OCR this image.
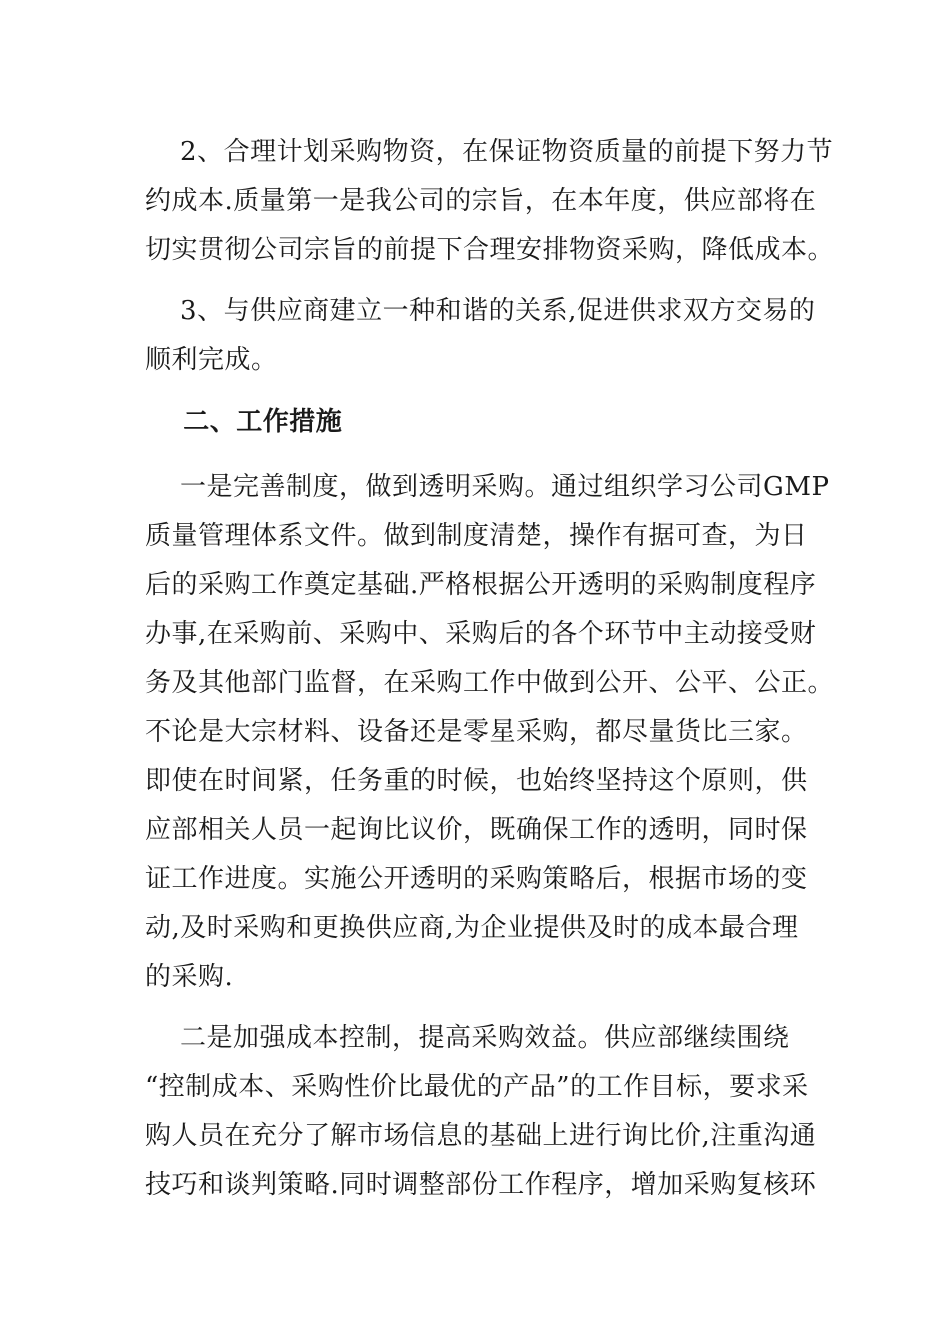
2、合理计划采购物资，在保证物资质量的前提下努力节
约成本.质量第一是我公司的宗旨，在本年度，供应部将在
切实贯彻公司宗旨的前提下合理安排物资采购，降低成本。
3、与供应商建立一种和谐的关系,促进供求双方交易的
顺利完成。
二、工作措施
一是完善制度，做到透明采购。通过组织学习公司GMP
质量管理体系文件。做到制度清楚，操作有据可查，为日
后的采购工作奠定基础.严格根据公开透明的采购制度程序
办事,在采购前、采购中、采购后的各个环节中主动接受财
务及其他部门监督，在采购工作中做到公开、公平、公正。
不论是大宗材料、设备还是零星采购，都尽量货比三家。
即使在时间紧，任务重的时候，也始终坚持这个原则，供
应部相关人员一起询比议价，既确保工作的透明，同时保
证工作进度。实施公开透明的采购策略后，根据市场的变
动,及时采购和更换供应商,为企业提供及时的成本最合理
的采购.
二是加强成本控制，提高采购效益。供应部继续围绕
“控制成本、采购性价比最优的产品”的工作目标，要求采
购人员在充分了解市场信息的基础上进行询比价,注重沟通
技巧和谈判策略.同时调整部份工作程序，增加采购复核环
